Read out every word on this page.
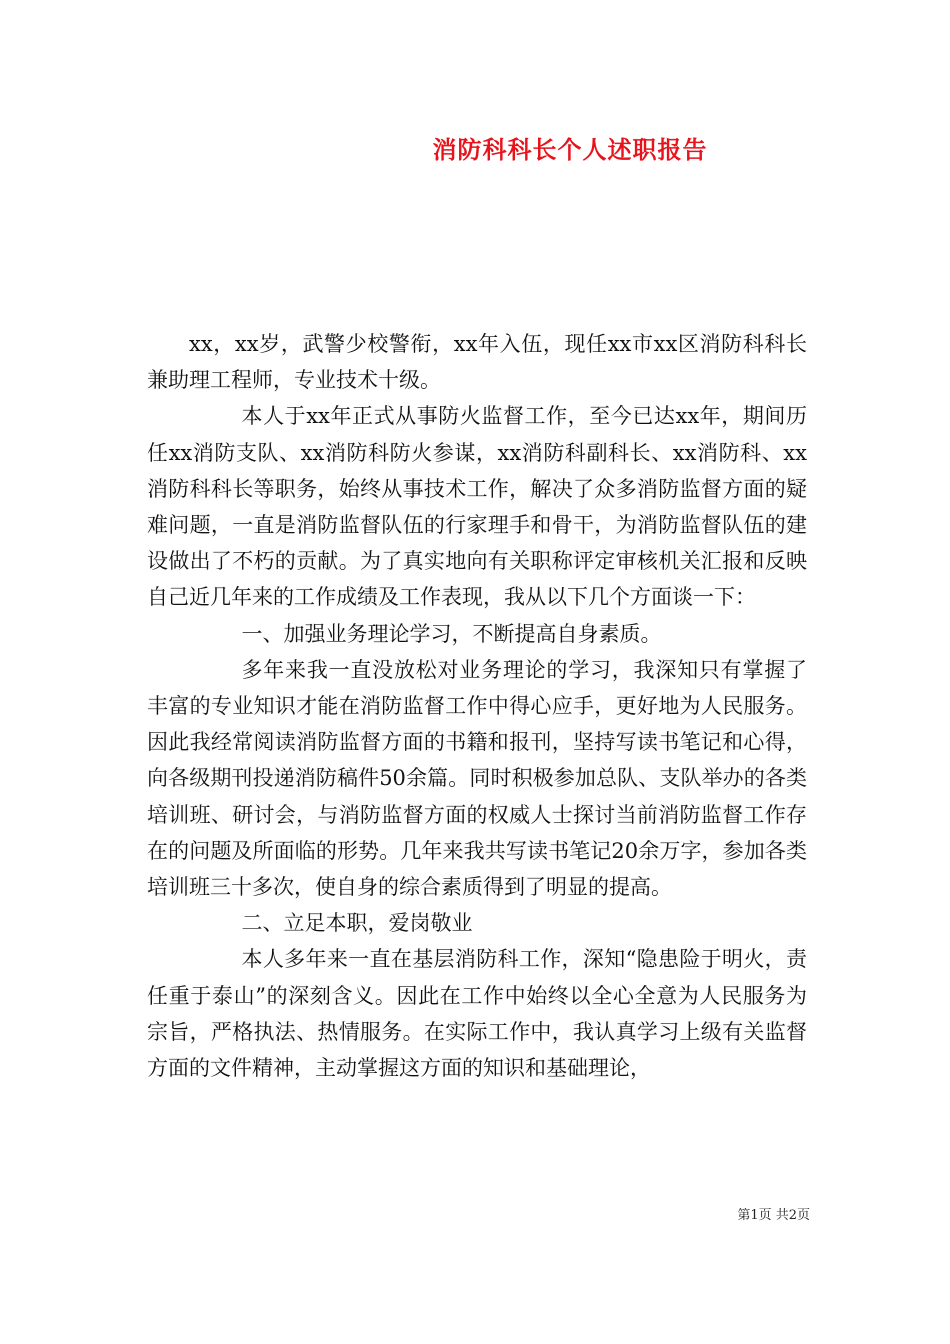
消防科科长个人述职报告

xx，xx岁，武警少校警衔，xx年入伍，现任xx市xx区消防科科长兼助理工程师，专业技术十级。

本人于xx年正式从事防火监督工作，至今已达xx年，期间历任xx消防支队、xx消防科防火参谋，xx消防科副科长、xx消防科、xx消防科科长等职务，始终从事技术工作，解决了众多消防监督方面的疑难问题，一直是消防监督队伍的行家理手和骨干，为消防监督队伍的建设做出了不朽的贡献。为了真实地向有关职称评定审核机关汇报和反映自己近几年来的工作成绩及工作表现，我从以下几个方面谈一下：

一、加强业务理论学习，不断提高自身素质。

多年来我一直没放松对业务理论的学习，我深知只有掌握了丰富的专业知识才能在消防监督工作中得心应手，更好地为人民服务。因此我经常阅读消防监督方面的书籍和报刊，坚持写读书笔记和心得，向各级期刊投递消防稿件50余篇。同时积极参加总队、支队举办的各类培训班、研讨会，与消防监督方面的权威人士探讨当前消防监督工作存在的问题及所面临的形势。几年来我共写读书笔记20余万字，参加各类培训班三十多次，使自身的综合素质得到了明显的提高。

二、立足本职，爱岗敬业

本人多年来一直在基层消防科工作，深知“隐患险于明火，责任重于泰山”的深刻含义。因此在工作中始终以全心全意为人民服务为宗旨，严格执法、热情服务。在实际工作中，我认真学习上级有关监督方面的文件精神，主动掌握这方面的知识和基础理论，

第1页 共2页
